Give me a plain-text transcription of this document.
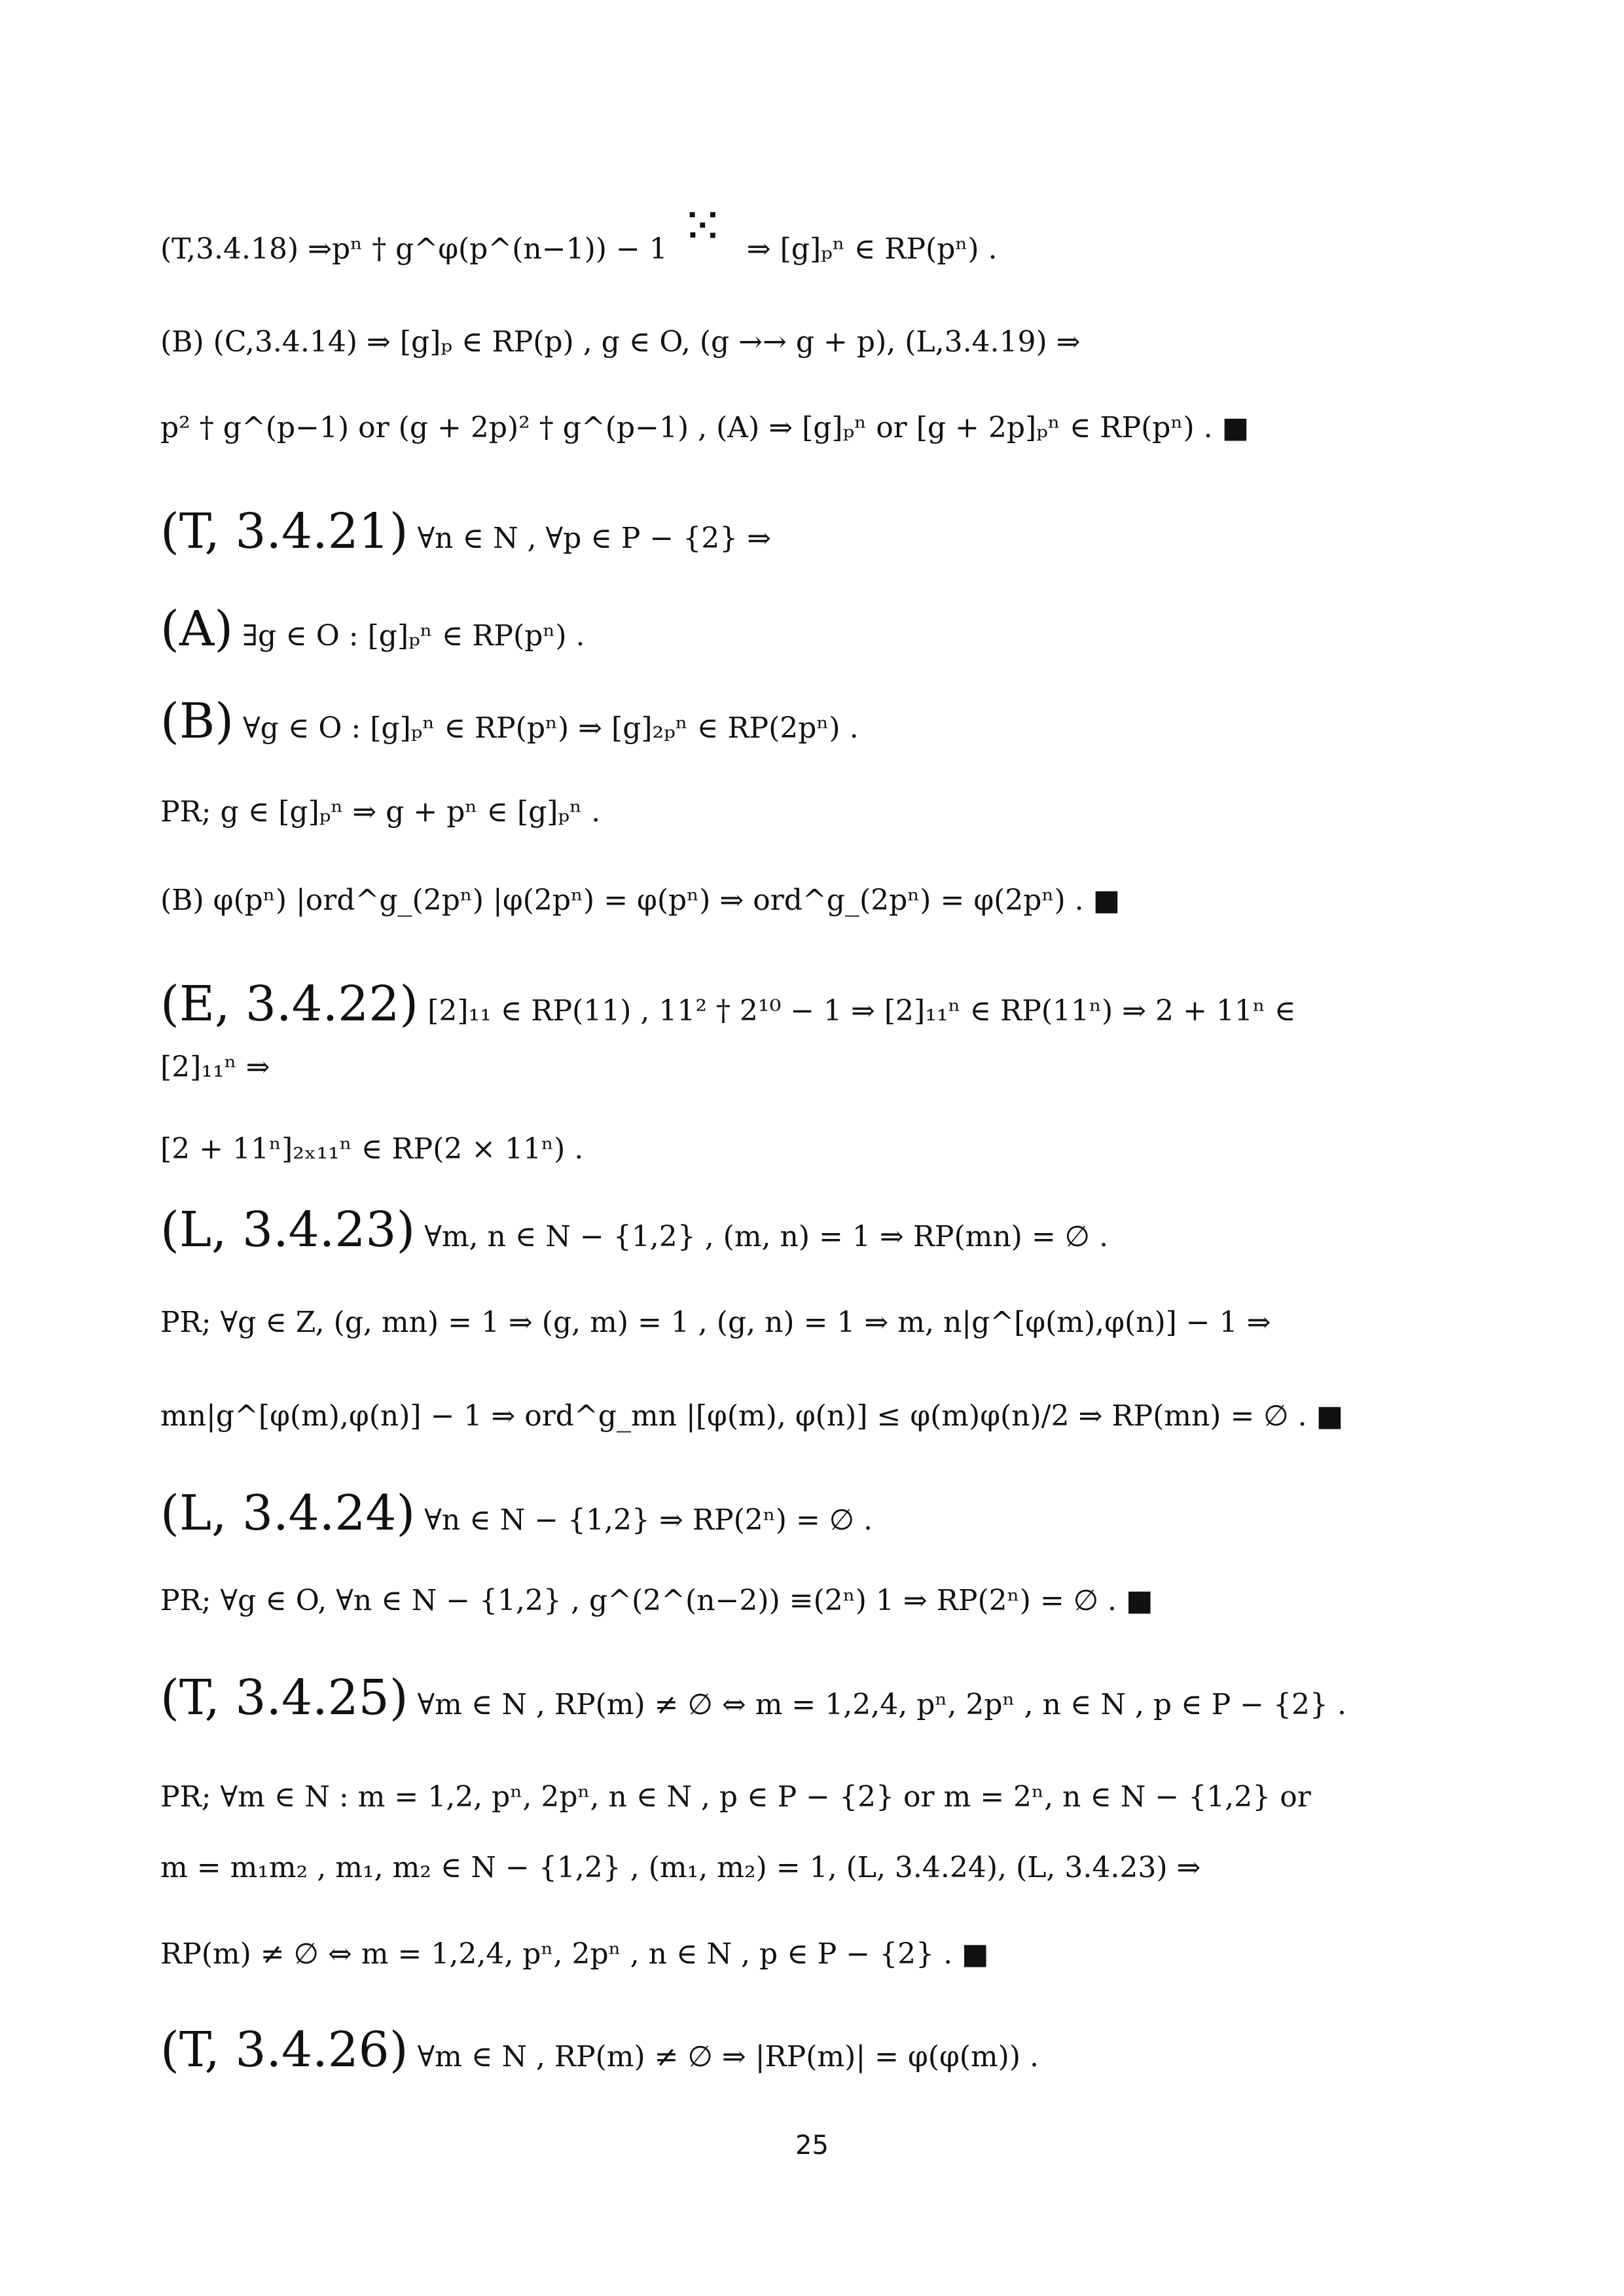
(T,3.4.18) ⇒pⁿ † g^φ(p^(n−1)) − 1 ⁙ ⇒ [g]ₚⁿ ∈ RP(pⁿ) .
(B) (C,3.4.14) ⇒ [g]ₚ ∈ RP(p) , g ∈ O, (g →→ g + p), (L,3.4.19) ⇒
p² † g^(p−1) or (g + 2p)² † g^(p−1) , (A) ⇒ [g]ₚⁿ or [g + 2p]ₚⁿ ∈ RP(pⁿ) . ■
(T, 3.4.21) ∀n ∈ N , ∀p ∈ P − {2} ⇒
(A) ∃g ∈ O : [g]ₚⁿ ∈ RP(pⁿ) .
(B) ∀g ∈ O : [g]ₚⁿ ∈ RP(pⁿ) ⇒ [g]₂ₚⁿ ∈ RP(2pⁿ) .
PR; g ∈ [g]ₚⁿ ⇒ g + pⁿ ∈ [g]ₚⁿ .
(B) φ(pⁿ) |ord^g_(2pⁿ) |φ(2pⁿ) = φ(pⁿ) ⇒ ord^g_(2pⁿ) = φ(2pⁿ) . ■
(E, 3.4.22) [2]₁₁ ∈ RP(11) , 11² † 2¹⁰ − 1 ⇒ [2]₁₁ⁿ ∈ RP(11ⁿ) ⇒ 2 + 11ⁿ ∈
[2]₁₁ⁿ ⇒
[2 + 11ⁿ]₂ₓ₁₁ⁿ ∈ RP(2 × 11ⁿ) .
(L, 3.4.23) ∀m, n ∈ N − {1,2} , (m, n) = 1 ⇒ RP(mn) = ∅ .
PR; ∀g ∈ Z, (g, mn) = 1 ⇒ (g, m) = 1 , (g, n) = 1 ⇒ m, n|g^[φ(m),φ(n)] − 1 ⇒
mn|g^[φ(m),φ(n)] − 1 ⇒ ord^g_mn |[φ(m), φ(n)] ≤ φ(m)φ(n)/2 ⇒ RP(mn) = ∅ . ■
(L, 3.4.24) ∀n ∈ N − {1,2} ⇒ RP(2ⁿ) = ∅ .
PR; ∀g ∈ O, ∀n ∈ N − {1,2} , g^(2^(n−2)) ≡(2ⁿ) 1 ⇒ RP(2ⁿ) = ∅ . ■
(T, 3.4.25) ∀m ∈ N , RP(m) ≠ ∅ ⇔ m = 1,2,4, pⁿ, 2pⁿ , n ∈ N , p ∈ P − {2} .
PR; ∀m ∈ N : m = 1,2, pⁿ, 2pⁿ, n ∈ N , p ∈ P − {2} or m = 2ⁿ, n ∈ N − {1,2} or
m = m₁m₂ , m₁, m₂ ∈ N − {1,2} , (m₁, m₂) = 1, (L, 3.4.24), (L, 3.4.23) ⇒
RP(m) ≠ ∅ ⇔ m = 1,2,4, pⁿ, 2pⁿ , n ∈ N , p ∈ P − {2} . ■
(T, 3.4.26) ∀m ∈ N , RP(m) ≠ ∅ ⇒ |RP(m)| = φ(φ(m)) .
25
